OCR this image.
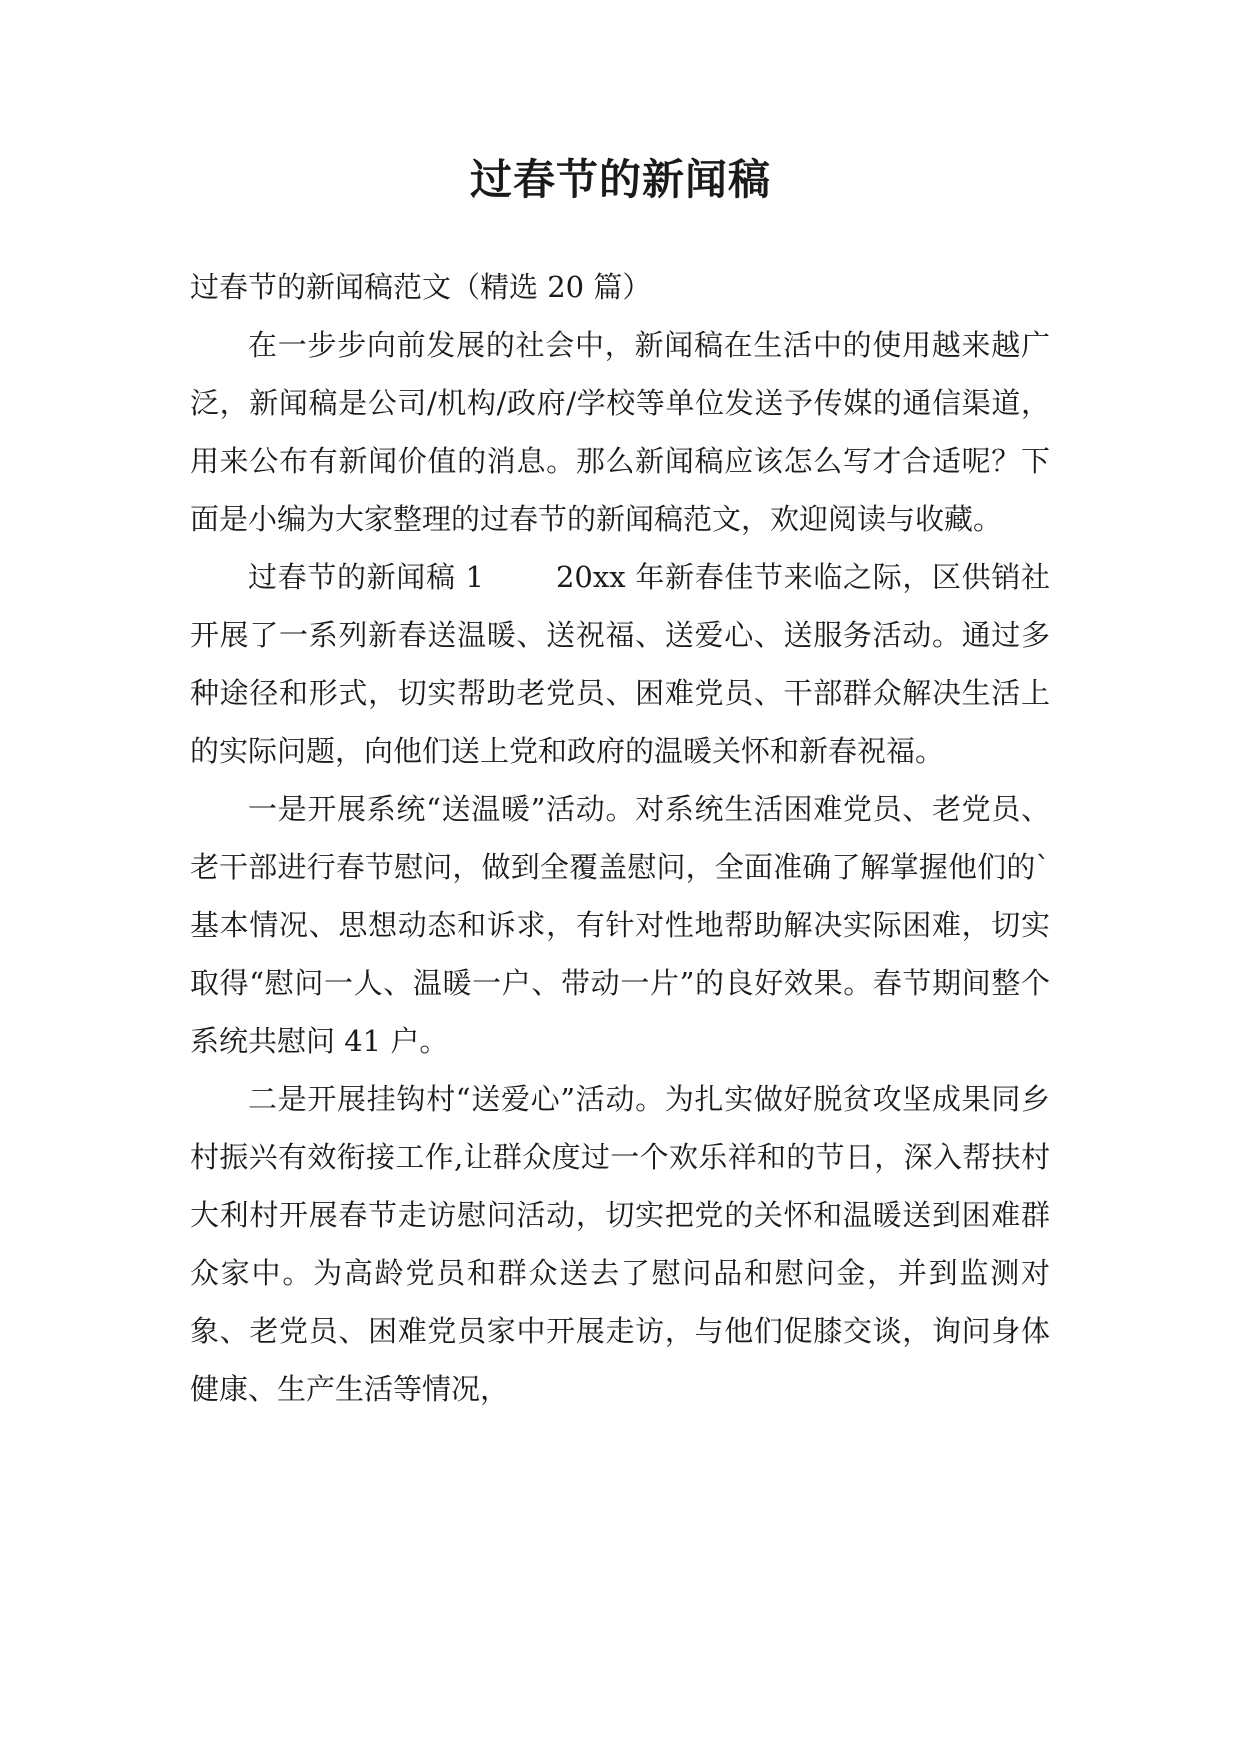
过春节的新闻稿

过春节的新闻稿范文（精选 20 篇）

在一步步向前发展的社会中，新闻稿在生活中的使用越来越广泛，新闻稿是公司/机构/政府/学校等单位发送予传媒的通信渠道，用来公布有新闻价值的消息。那么新闻稿应该怎么写才合适呢？下面是小编为大家整理的过春节的新闻稿范文，欢迎阅读与收藏。

过春节的新闻稿 1 20xx 年新春佳节来临之际，区供销社开展了一系列新春送温暖、送祝福、送爱心、送服务活动。通过多种途径和形式，切实帮助老党员、困难党员、干部群众解决生活上的实际问题，向他们送上党和政府的温暖关怀和新春祝福。

一是开展系统“送温暖”活动。对系统生活困难党员、老党员、老干部进行春节慰问，做到全覆盖慰问，全面准确了解掌握他们的`基本情况、思想动态和诉求，有针对性地帮助解决实际困难，切实取得“慰问一人、温暖一户、带动一片”的良好效果。春节期间整个系统共慰问 41 户。

二是开展挂钩村“送爱心”活动。为扎实做好脱贫攻坚成果同乡村振兴有效衔接工作,让群众度过一个欢乐祥和的节日，深入帮扶村大利村开展春节走访慰问活动，切实把党的关怀和温暖送到困难群众家中。为高龄党员和群众送去了慰问品和慰问金，并到监测对象、老党员、困难党员家中开展走访，与他们促膝交谈，询问身体健康、生产生活等情况，
